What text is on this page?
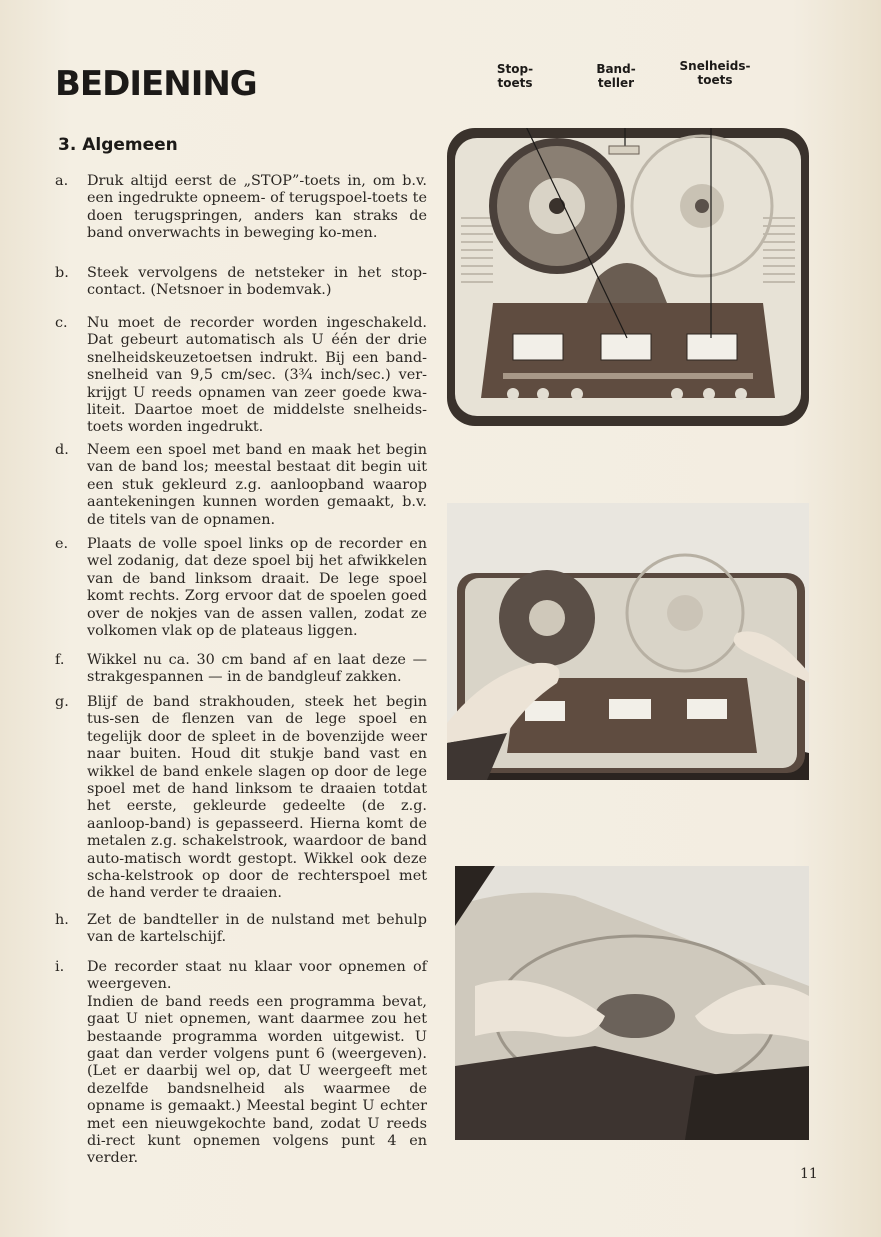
BEDIENING
3. Algemeen
a. Druk altijd eerst de „STOP”-toets in, om b.v. een ingedrukte opneem- of terugspoel-toets te doen terugspringen, anders kan straks de band onverwachts in beweging ko-men.

b. Steek vervolgens de netsteker in het stop-contact. (Netsnoer in bodemvak.)

c. Nu moet de recorder worden ingeschakeld. Dat gebeurt automatisch als U één der drie snelheidskeuzetoetsen indrukt. Bij een band-snelheid van 9,5 cm/sec. (3¾ inch/sec.) ver-krijgt U reeds opnamen van zeer goede kwa-liteit. Daartoe moet de middelste snelheids-toets worden ingedrukt.

d. Neem een spoel met band en maak het begin van de band los; meestal bestaat dit begin uit een stuk gekleurd z.g. aanloopband waarop aantekeningen kunnen worden gemaakt, b.v. de titels van de opnamen.

e. Plaats de volle spoel links op de recorder en wel zodanig, dat deze spoel bij het afwikkelen van de band linksom draait. De lege spoel komt rechts. Zorg ervoor dat de spoelen goed over de nokjes van de assen vallen, zodat ze volkomen vlak op de plateaus liggen.

f. Wikkel nu ca. 30 cm band af en laat deze — strakgespannen — in de bandgleuf zakken.

g. Blijf de band strakhouden, steek het begin tus-sen de flenzen van de lege spoel en tegelijk door de spleet in de bovenzijde weer naar buiten. Houd dit stukje band vast en wikkel de band enkele slagen op door de lege spoel met de hand linksom te draaien totdat het eerste, gekleurde gedeelte (de z.g. aanloop-band) is gepasseerd. Hierna komt de metalen z.g. schakelstrook, waardoor de band auto-matisch wordt gestopt. Wikkel ook deze scha-kelstrook op door de rechterspoel met de hand verder te draaien.

h. Zet de bandteller in de nulstand met behulp van de kartelschijf.

i. De recorder staat nu klaar voor opnemen of weergeven.

Indien de band reeds een programma bevat, gaat U niet opnemen, want daarmee zou het bestaande programma worden uitgewist. U gaat dan verder volgens punt 6 (weergeven). (Let er daarbij wel op, dat U weergeeft met dezelfde bandsnelheid als waarmee de opname is gemaakt.) Meestal begint U echter met een nieuwgekochte band, zodat U reeds di-rect kunt opnemen volgens punt 4 en verder.

Stop-
toets
Band-
teller
Snelheids-
toets
11
